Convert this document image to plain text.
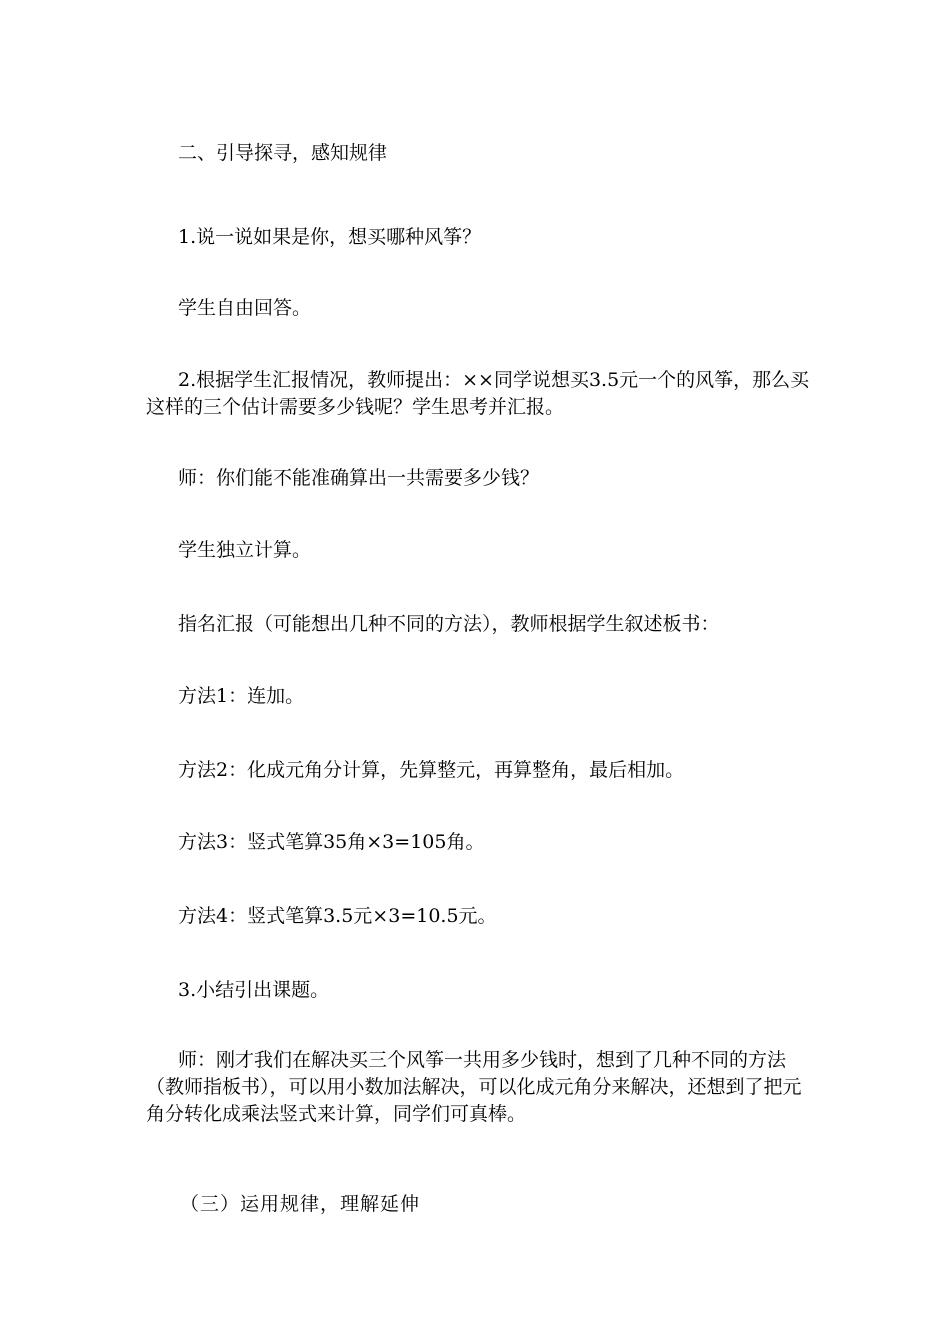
二、引导探寻，感知规律

1.说一说如果是你，想买哪种风筝？

学生自由回答。

2.根据学生汇报情况，教师提出：××同学说想买3.5元一个的风筝，那么买这样的三个估计需要多少钱呢？学生思考并汇报。

师：你们能不能准确算出一共需要多少钱？

学生独立计算。

指名汇报（可能想出几种不同的方法），教师根据学生叙述板书：

方法1：连加。

方法2：化成元角分计算，先算整元，再算整角，最后相加。

方法3：竖式笔算35角×3=105角。

方法4：竖式笔算3.5元×3=10.5元。

3.小结引出课题。

师：刚才我们在解决买三个风筝一共用多少钱时，想到了几种不同的方法（教师指板书），可以用小数加法解决，可以化成元角分来解决，还想到了把元角分转化成乘法竖式来计算，同学们可真棒。

（三）运用规律，理解延伸
